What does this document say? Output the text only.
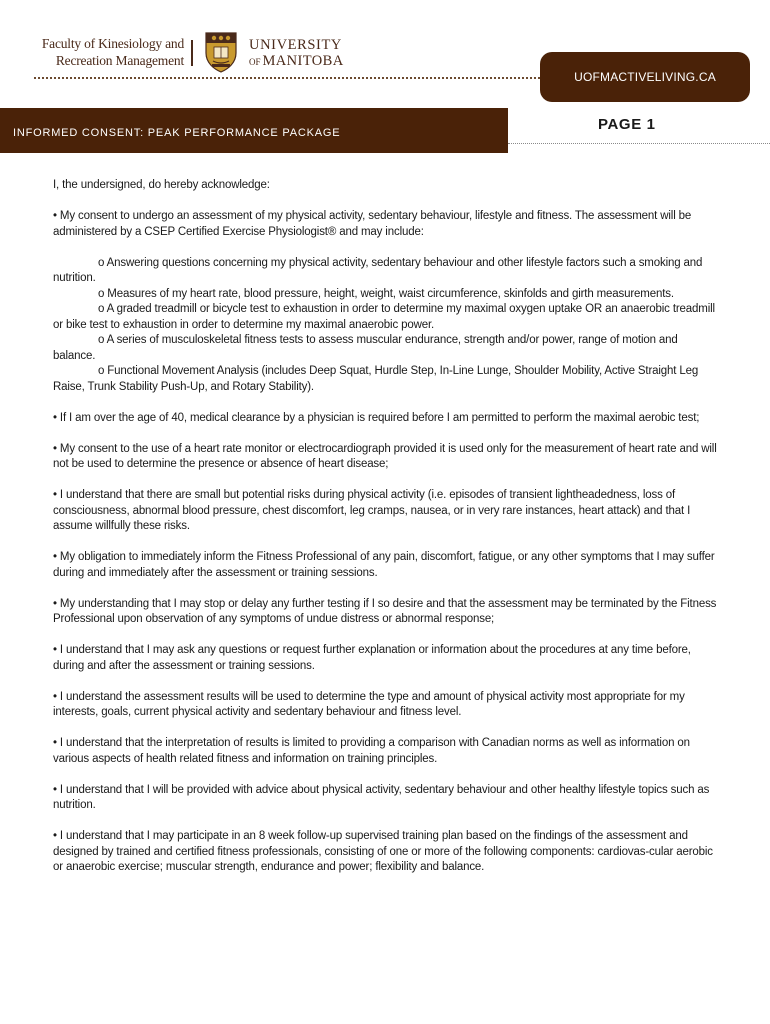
Faculty of Kinesiology and
Recreation Management
UNIVERSITY
OF MANITOBA
UOFMACTIVELIVING.CA
INFORMED CONSENT: PEAK PERFORMANCE PACKAGE	PAGE 1

I, the undersigned, do hereby acknowledge:

• My consent to undergo an assessment of my physical activity, sedentary behaviour, lifestyle and fitness. The assessment will be administered by a CSEP Certified Exercise Physiologist® and may include:

o Answering questions concerning my physical activity, sedentary behaviour and other lifestyle factors such a smoking and nutrition.

o Measures of my heart rate, blood pressure, height, weight, waist circumference, skinfolds and girth measurements.

o A graded treadmill or bicycle test to exhaustion in order to determine my maximal oxygen uptake OR an anaerobic treadmill or bike test to exhaustion in order to determine my maximal anaerobic power.

o A series of musculoskeletal fitness tests to assess muscular endurance, strength and/or power, range of motion and balance.

o Functional Movement Analysis (includes Deep Squat, Hurdle Step, In-Line Lunge, Shoulder Mobility, Active Straight Leg Raise, Trunk Stability Push-Up, and Rotary Stability).

• If I am over the age of 40, medical clearance by a physician is required before I am permitted to perform the maximal aerobic test;

• My consent to the use of a heart rate monitor or electrocardiograph provided it is used only for the measurement of heart rate and will not be used to determine the presence or absence of heart disease;

• I understand that there are small but potential risks during physical activity (i.e. episodes of transient lightheadedness, loss of consciousness, abnormal blood pressure, chest discomfort, leg cramps, nausea, or in very rare instances, heart attack) and that I assume willfully these risks.

• My obligation to immediately inform the Fitness Professional of any pain, discomfort, fatigue, or any other symptoms that I may suffer during and immediately after the assessment or training sessions.

• My understanding that I may stop or delay any further testing if I so desire and that the assessment may be terminated by the Fitness Professional upon observation of any symptoms of undue distress or abnormal response;

• I understand that I may ask any questions or request further explanation or information about the procedures at any time before, during and after the assessment or training sessions.

• I understand the assessment results will be used to determine the type and amount of physical activity most appropriate for my interests, goals, current physical activity and sedentary behaviour and fitness level.

• I understand that the interpretation of results is limited to providing a comparison with Canadian norms as well as information on various aspects of health related fitness and information on training principles.

• I understand that I will be provided with advice about physical activity, sedentary behaviour and other healthy lifestyle topics such as nutrition.

• I understand that I may participate in an 8 week follow-up supervised training plan based on the findings of the assessment and designed by trained and certified fitness professionals, consisting of one or more of the following components: cardiovas-cular aerobic or anaerobic exercise; muscular strength, endurance and power; flexibility and balance.
